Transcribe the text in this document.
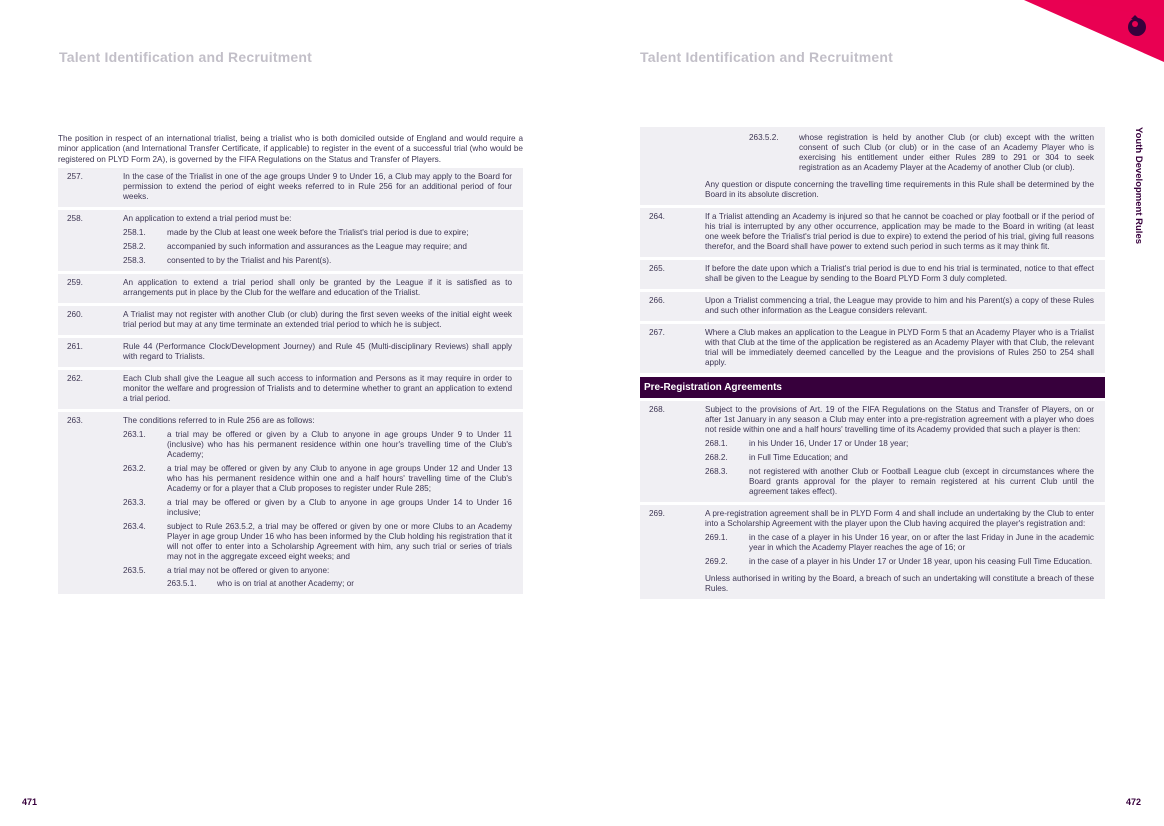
Talent Identification and Recruitment	Talent Identification and Recruitment
Youth Development Rules
471	472

The position in respect of an international trialist, being a trialist who is both domiciled outside of England and would require a minor application (and International Transfer Certificate, if applicable) to register in the event of a successful trial (who would be registered on PLYD Form 2A), is governed by the FIFA Regulations on the Status and Transfer of Players.

257.	In the case of the Trialist in one of the age groups Under 9 to Under 16, a Club may apply to the Board for permission to extend the period of eight weeks referred to in Rule 256 for an additional period of four weeks.

258.	An application to extend a trial period must be:

258.1.	made by the Club at least one week before the Trialist's trial period is due to expire;
258.2.	accompanied by such information and assurances as the League may require; and
258.3.	consented to by the Trialist and his Parent(s).
259.	An application to extend a trial period shall only be granted by the League if it is satisfied as to arrangements put in place by the Club for the welfare and education of the Trialist.

260.	A Trialist may not register with another Club (or club) during the first seven weeks of the initial eight week trial period but may at any time terminate an extended trial period to which he is subject.

261.	Rule 44 (Performance Clock/Development Journey) and Rule 45 (Multi-disciplinary Reviews) shall apply with regard to Trialists.

262.	Each Club shall give the League all such access to information and Persons as it may require in order to monitor the welfare and progression of Trialists and to determine whether to grant an application to extend a trial period.

263.	The conditions referred to in Rule 256 are as follows:

263.1.	a trial may be offered or given by a Club to anyone in age groups Under 9 to Under 11 (inclusive) who has his permanent residence within one hour's travelling time of the Club's Academy;
263.2.	a trial may be offered or given by any Club to anyone in age groups Under 12 and Under 13 who has his permanent residence within one and a half hours' travelling time of the Club's Academy or for a player that a Club proposes to register under Rule 285;
263.3.	a trial may be offered or given by a Club to anyone in age groups Under 14 to Under 16 inclusive;
263.4.	subject to Rule 263.5.2, a trial may be offered or given by one or more Clubs to an Academy Player in age group Under 16 who has been informed by the Club holding his registration that it will not offer to enter into a Scholarship Agreement with him, any such trial or series of trials may not in the aggregate exceed eight weeks; and
263.5.	a trial may not be offered or given to anyone:
263.5.1.	who is on trial at another Academy; or
263.5.2.	whose registration is held by another Club (or club) except with the written consent of such Club (or club) or in the case of an Academy Player who is exercising his entitlement under either Rules 289 to 291 or 304 to seek registration as an Academy Player at the Academy of another Club (or club).

Any question or dispute concerning the travelling time requirements in this Rule shall be determined by the Board in its absolute discretion.

264.	If a Trialist attending an Academy is injured so that he cannot be coached or play football or if the period of his trial is interrupted by any other occurrence, application may be made to the Board in writing (at least one week before the Trialist's trial period is due to expire) to extend the period of his trial, giving full reasons therefor, and the Board shall have power to extend such period in such terms as it may think fit.

265.	If before the date upon which a Trialist's trial period is due to end his trial is terminated, notice to that effect shall be given to the League by sending to the Board PLYD Form 3 duly completed.

266.	Upon a Trialist commencing a trial, the League may provide to him and his Parent(s) a copy of these Rules and such other information as the League considers relevant.

267.	Where a Club makes an application to the League in PLYD Form 5 that an Academy Player who is a Trialist with that Club at the time of the application be registered as an Academy Player with that Club, the relevant trial will be immediately deemed cancelled by the League and the provisions of Rules 250 to 254 shall apply.

Pre-Registration Agreements
268.	Subject to the provisions of Art. 19 of the FIFA Regulations on the Status and Transfer of Players, on or after 1st January in any season a Club may enter into a pre-registration agreement with a player who does not reside within one and a half hours' travelling time of its Academy provided that such a player is then:

268.1.	in his Under 16, Under 17 or Under 18 year;
268.2.	in Full Time Education; and
268.3.	not registered with another Club or Football League club (except in circumstances where the Board grants approval for the player to remain registered at his current Club until the agreement takes effect).
269.	A pre-registration agreement shall be in PLYD Form 4 and shall include an undertaking by the Club to enter into a Scholarship Agreement with the player upon the Club having acquired the player's registration and:

269.1.	in the case of a player in his Under 16 year, on or after the last Friday in June in the academic year in which the Academy Player reaches the age of 16; or
269.2.	in the case of a player in his Under 17 or Under 18 year, upon his ceasing Full Time Education.

Unless authorised in writing by the Board, a breach of such an undertaking will constitute a breach of these Rules.
